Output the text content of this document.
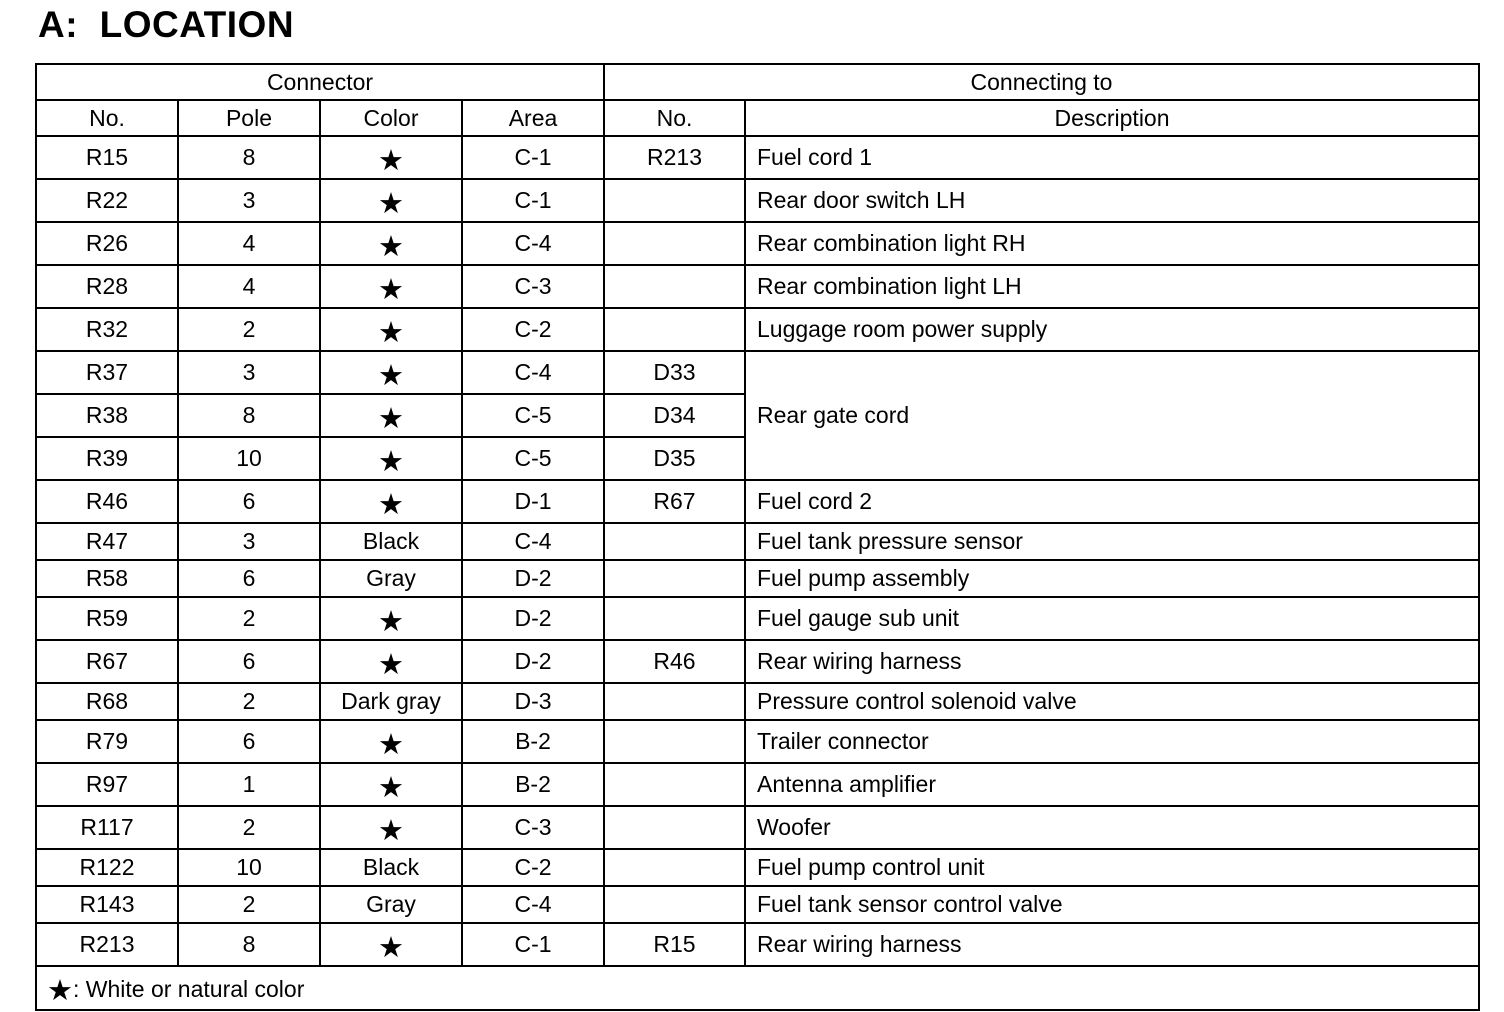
A:  LOCATION
Connector				Connecting to	
No.	Pole	Color	Area	No.	Description
R15	8	★	C-1	R213	Fuel cord 1
R22	3	★	C-1		Rear door switch LH
R26	4	★	C-4		Rear combination light RH
R28	4	★	C-3		Rear combination light LH
R32	2	★	C-2		Luggage room power supply
R37	3	★	C-4	D33	Rear gate cord
R38	8	★	C-5	D34	
R39	10	★	C-5	D35	
R46	6	★	D-1	R67	Fuel cord 2
R47	3	Black	C-4		Fuel tank pressure sensor
R58	6	Gray	D-2		Fuel pump assembly
R59	2	★	D-2		Fuel gauge sub unit
R67	6	★	D-2	R46	Rear wiring harness
R68	2	Dark gray	D-3		Pressure control solenoid valve
R79	6	★	B-2		Trailer connector
R97	1	★	B-2		Antenna amplifier
R117	2	★	C-3		Woofer
R122	10	Black	C-2		Fuel pump control unit
R143	2	Gray	C-4		Fuel tank sensor control valve
R213	8	★	C-1	R15	Rear wiring harness
★: White or natural color					
